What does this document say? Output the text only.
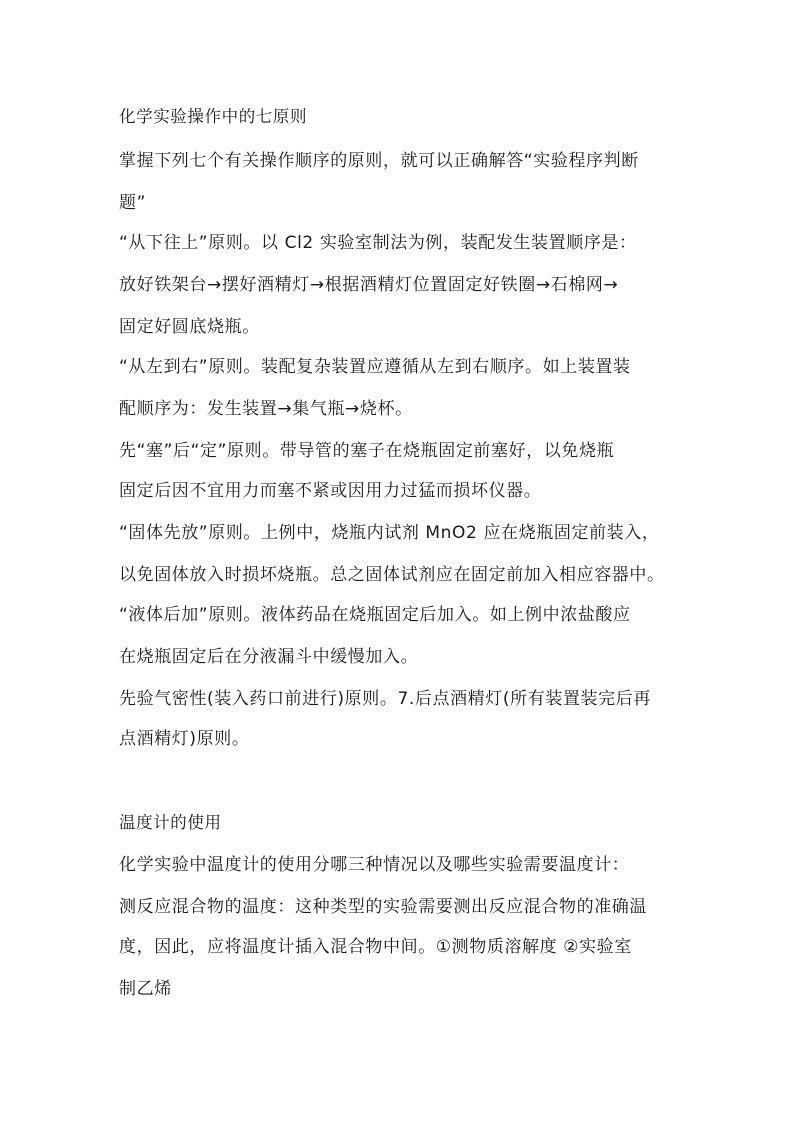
化学实验操作中的七原则
掌握下列七个有关操作顺序的原则，就可以正确解答“实验程序判断
题”
“从下往上”原则。以 Cl2 实验室制法为例，装配发生装置顺序是：
放好铁架台→摆好酒精灯→根据酒精灯位置固定好铁圈→石棉网→
固定好圆底烧瓶。
“从左到右”原则。装配复杂装置应遵循从左到右顺序。如上装置装
配顺序为：发生装置→集气瓶→烧杯。
先“塞”后“定”原则。带导管的塞子在烧瓶固定前塞好，以免烧瓶
固定后因不宜用力而塞不紧或因用力过猛而损坏仪器。
“固体先放”原则。上例中，烧瓶内试剂 MnO2 应在烧瓶固定前装入，
以免固体放入时损坏烧瓶。总之固体试剂应在固定前加入相应容器中。
“液体后加”原则。液体药品在烧瓶固定后加入。如上例中浓盐酸应
在烧瓶固定后在分液漏斗中缓慢加入。
先验气密性(装入药口前进行)原则。7.后点酒精灯(所有装置装完后再
点酒精灯)原则。
温度计的使用
化学实验中温度计的使用分哪三种情况以及哪些实验需要温度计：
测反应混合物的温度：这种类型的实验需要测出反应混合物的准确温
度，因此，应将温度计插入混合物中间。①测物质溶解度 ②实验室
制乙烯
